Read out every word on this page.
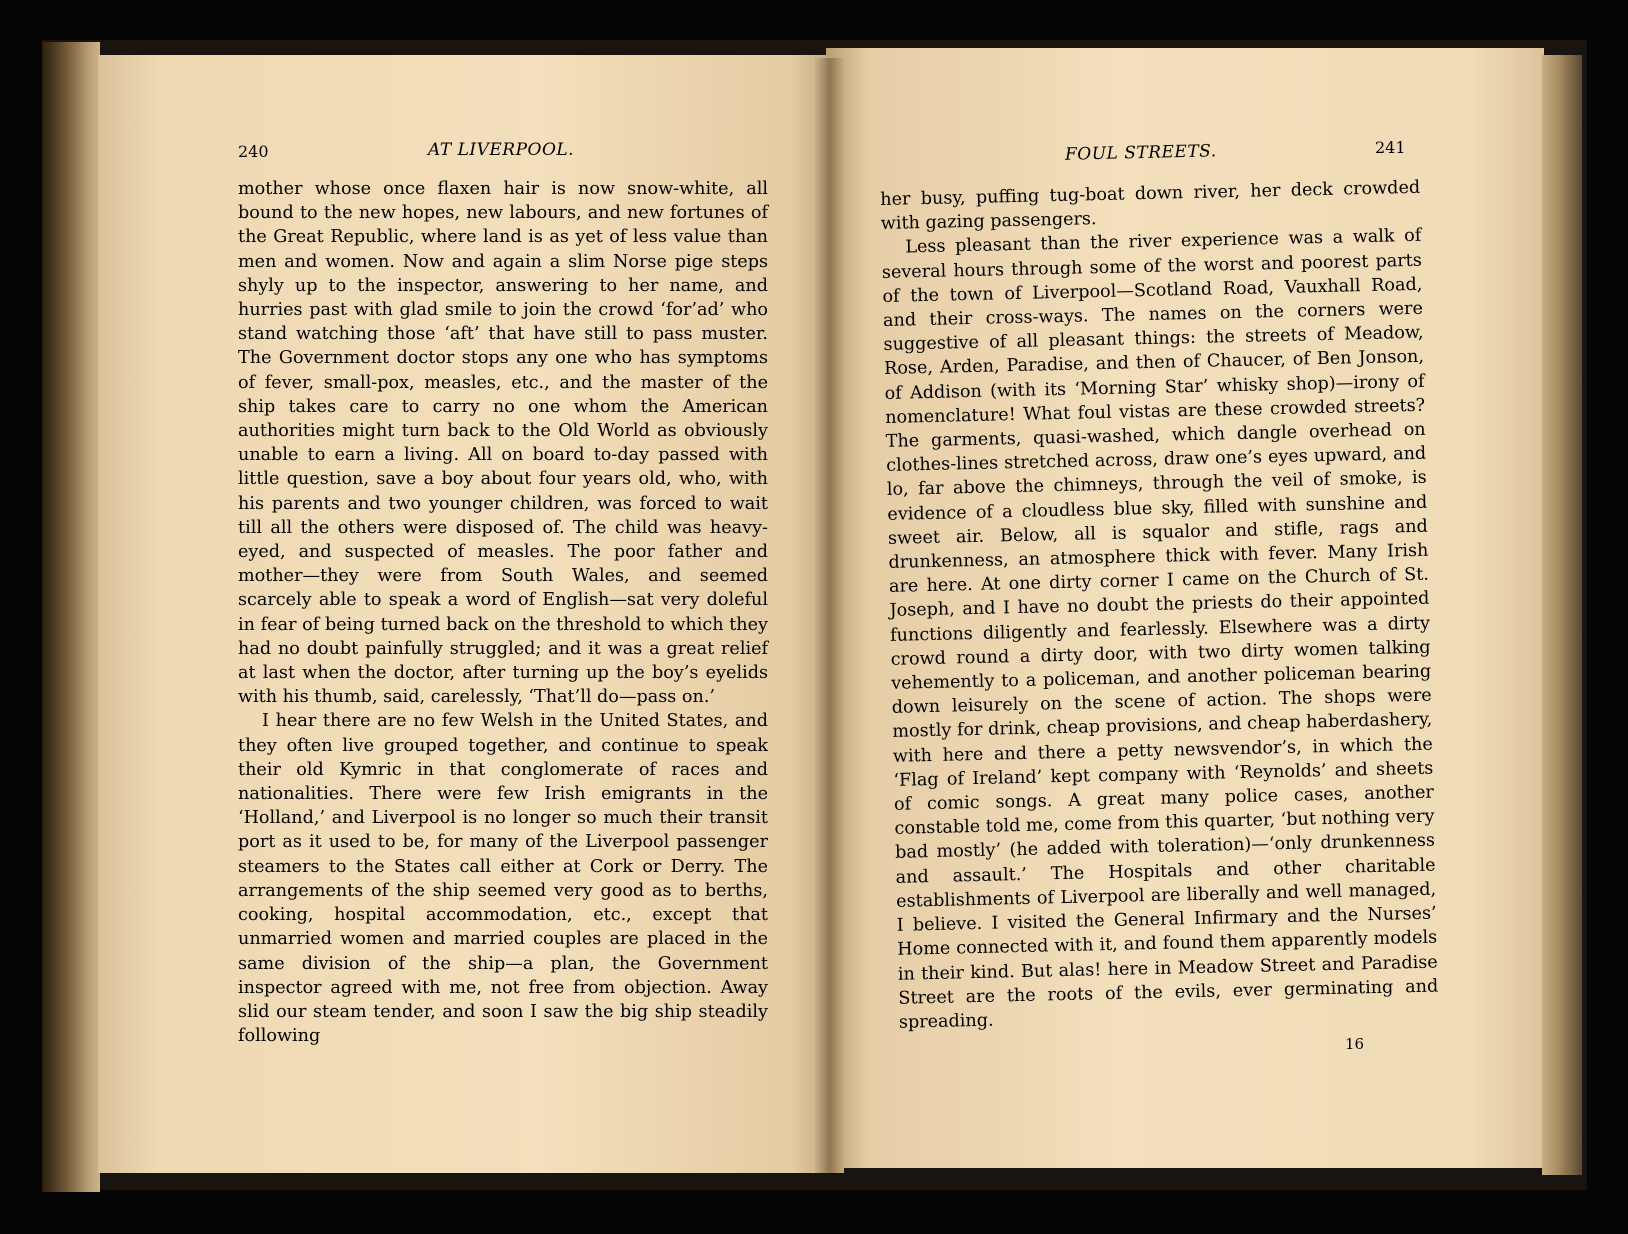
240	AT LIVERPOOL.

mother whose once flaxen hair is now snow-white, all bound to the new hopes, new labours, and new fortunes of the Great Republic, where land is as yet of less value than men and women. Now and again a slim Norse pige steps shyly up to the inspector, answering to her name, and hurries past with glad smile to join the crowd ‘for’ad’ who stand watching those ‘aft’ that have still to pass muster. The Government doctor stops any one who has symptoms of fever, small-pox, measles, etc., and the master of the ship takes care to carry no one whom the American authorities might turn back to the Old World as obviously unable to earn a living. All on board to-day passed with little question, save a boy about four years old, who, with his parents and two younger children, was forced to wait till all the others were disposed of. The child was heavy-eyed, and suspected of measles. The poor father and mother—they were from South Wales, and seemed scarcely able to speak a word of English—sat very doleful in fear of being turned back on the threshold to which they had no doubt painfully struggled; and it was a great relief at last when the doctor, after turning up the boy’s eyelids with his thumb, said, carelessly, ‘That’ll do—pass on.’

I hear there are no few Welsh in the United States, and they often live grouped together, and continue to speak their old Kymric in that conglomerate of races and nationalities. There were few Irish emigrants in the ‘Holland,’ and Liverpool is no longer so much their transit port as it used to be, for many of the Liverpool passenger steamers to the States call either at Cork or Derry. The arrangements of the ship seemed very good as to berths, cooking, hospital accommodation, etc., except that unmarried women and married couples are placed in the same division of the ship—a plan, the Government inspector agreed with me, not free from objection. Away slid our steam tender, and soon I saw the big ship steadily following

FOUL STREETS.	241

her busy, puffing tug-boat down river, her deck crowded with gazing passengers.

Less pleasant than the river experience was a walk of several hours through some of the worst and poorest parts of the town of Liverpool—Scotland Road, Vauxhall Road, and their cross-ways. The names on the corners were suggestive of all pleasant things: the streets of Meadow, Rose, Arden, Paradise, and then of Chaucer, of Ben Jonson, of Addison (with its ‘Morning Star’ whisky shop)—irony of nomenclature! What foul vistas are these crowded streets? The garments, quasi-washed, which dangle overhead on clothes-lines stretched across, draw one’s eyes upward, and lo, far above the chimneys, through the veil of smoke, is evidence of a cloudless blue sky, filled with sunshine and sweet air. Below, all is squalor and stifle, rags and drunkenness, an atmosphere thick with fever. Many Irish are here. At one dirty corner I came on the Church of St. Joseph, and I have no doubt the priests do their appointed functions diligently and fearlessly. Elsewhere was a dirty crowd round a dirty door, with two dirty women talking vehemently to a policeman, and another policeman bearing down leisurely on the scene of action. The shops were mostly for drink, cheap provisions, and cheap haberdashery, with here and there a petty newsvendor’s, in which the ‘Flag of Ireland’ kept company with ‘Reynolds’ and sheets of comic songs. A great many police cases, another constable told me, come from this quarter, ‘but nothing very bad mostly’ (he added with toleration)—‘only drunkenness and assault.’ The Hospitals and other charitable establishments of Liverpool are liberally and well managed, I believe. I visited the General Infirmary and the Nurses’ Home connected with it, and found them apparently models in their kind. But alas! here in Meadow Street and Paradise Street are the roots of the evils, ever germinating and spreading.

16
